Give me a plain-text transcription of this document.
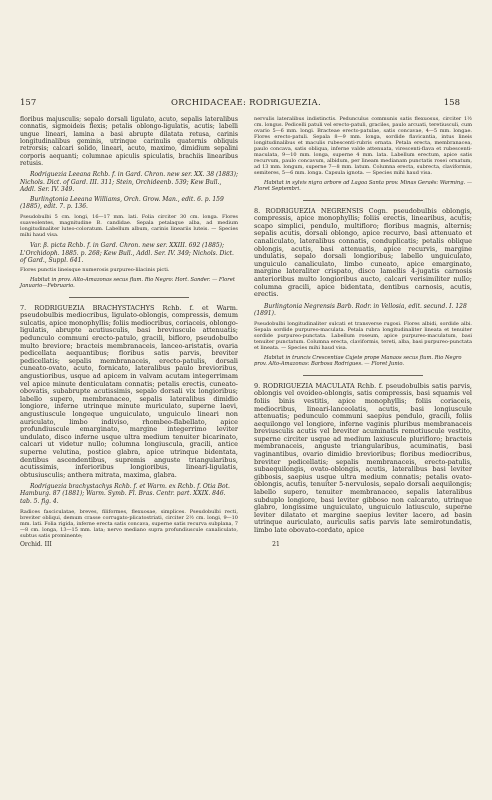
157	ORCHIDACEAE: RODRIGUEZIA.	158

floribus majusculis; sepalo dorsali ligulato, acuto, sepalis lateralibus connatis, sigmoideis flexis; petalis oblongo-ligulatis, acutis; labelli ungue lineari, lamina a basi abrupte dilatata retusa, carinis longitudinalibus geminis, utrinque carinulis quaternis obliquis retrorsis; calcari solido, lineari, acuto, maximo, dimidium sepalini corporis aequanti; columnae apiculis spiculatis, brachiis linearibus retusis.

Rodriguezia Leeana Rchb. f. in Gard. Chron. new ser. XX. 38 (1883); Nichols. Dict. of Gard. III. 311; Stein, Orchideenb. 539; Kew Bull., Addl. Ser. IV. 349.

Burlingtonia Leeana Williams, Orch. Grow. Man., edit. 6. p. 159 (1885), edit. 7. p. 136.

Pseudobulbi 5 cm. longi, 16—17 mm. lati. Folia circiter 30 cm. longa. Flores suaveolentes, magnitudine B. candidae. Sepala petalaque alba, ad medium longitudinaliter luteo-coloratum. Labellum album, carinis lineariis luteis. — Species mihi haud visa.

Var. β. picta Rchb. f. in Gard. Chron. new ser. XXIII. 692 (1885); L'Orchidoph. 1885. p. 268; Kew Bull., Addl. Ser. IV. 349; Nichols. Dict. of Gard., Suppl. 641.

Flores punctis lineisque numerosis purpureo-lilacinis picti.

Habitat in prov. Alto-Amazonas secus flum. Rio Negro: Hort. Sander. — Floret Januario—Februario.

7. RODRIGUEZIA BRACHYSTACHYS Rchb. f. et Warm. pseudobulbis mediocribus, ligulato-oblongis, compressis, demum sulcatis, apice monophyllis; foliis mediocribus, coriaceis, oblongo-ligulatis, abrupte acutiusculis, basi breviuscule attenuatis; pedunculo communi erecto-patulo, gracili, bifloro, pseudobulbo multo breviore; bracteis membranaceis, lanceo-aristatis, ovaria pedicellata aequantibus; floribus satis parvis, breviter pedicellatis; sepalis membranaceis, erecto-patulis, dorsali cuneato-ovato, acuto, fornicato, lateralibus paulo brevioribus, angustioribus, usque ad apicem in valvam acutam integerrimam vel apice minute denticulatam connatis; petalis erectis, cuneato-obovatis, subabrupte acutissimis, sepalo dorsali vix longioribus; labello supero, membranaceo, sepalis lateralibus dimidio longiore, inferne utrinque minute muriculato, superne laevi, angustiuscule longeque unguiculato, unguiculo lineari non auriculato, limbo indiviso, rhombeo-flabellato, apice profundiuscule emarginato, margine integerrimo leviter undulato, disco inferne usque ultra medium tenuiter bicarinato, calcari ut videtur nullo; columna longiuscula, gracili, antice superne velutina, postice glabra, apice utrinque bidentata, dentibus ascendentibus, supremis anguste triangularibus, acutissimis, inferioribus longioribus, lineari-ligulatis, obtusiusculis; anthera mitrata, maxima, glabra.

Rodriguezia brachystachys Rchb. f. et Warm. ex Rchb. f. Otia Bot. Hamburg. 87 (1881); Warm. Symb. Fl. Bras. Centr. part. XXIX. 846. tab. 5. fig. 4.

Radices fasciculatae, breves, filiformes, flexuosae, simplices. Pseudobulbi recti, breviter obliqui, demum crasse corrugato-plicatostriati, circiter 2½ cm. longi, 9—10 mm. lati. Folia rigida, inferne erecta satis concava, superne satis recurva subplana, 7—8 cm. longa, 13—15 mm. lata; nervo mediano supra profundiuscule canaliculato, subtus satis prominente;

nervulis lateralibus indistinctis. Pedunculus communis satis flexuosus, circiter 1½ cm. longus. Pedicelli patuli vel erecto-patuli, graciles, paulo arcuati, teretiusculi, cum ovario 5—6 mm. longi. Bracteae erecto-patulae, satis concavae, 4—5 mm. longae. Flores erecto-patuli. Sepala 8—9 mm. longa, sordide flavicantia, intus lineis longitudinalibus et maculis rubescenti-rubris ornata. Petala erecta, membranacea, paulo concava, satis obliqua, inferne valde attenuata, virescenti-flava et rubescenti-maculata, 9—10 mm. longa, superne 4 mm. lata. Labellum erectum, apice satis recurvum, paulo concavum, albidum, per lineam medianam punctatis rosei ornatum, ad 13 mm. longum, superne 7—8 mm. latum. Columna erecta, subrecta, claviformis, semiteres, 5—6 mm. longa. Capsula ignota. — Species mihi haud visa.

Habitat in sylvis nigra arbore ad Lagoa Santa prov. Minas Geraës: Warming. — Floret Septembri.

8. RODRIGUEZIA NEGRENSIS Cogn. pseudobulbis oblongis, compressis, apice monophyllis; foliis erectis, linearibus, acutis; scapo simplici, penduIo, multifloro; floribus magnis, alternis; sepalis acutis, dorsali oblongo, apice recurvo, basi attenuato et canaliculato, lateralibus connatis, conduplicatis; petalis oblique oblongis, acutis, basi attenuatis, apice recurvis, margine undulatis, sepalo dorsali longioribus; labello unguiculato, unguiculo canaliculato, limbo cuneato, apice emarginato, margine lateraliter crispato, disco lamellis 4-jugatis carnosis anterioribus multo longioribus aucto, calcari verisimiliter nullo; columna gracili, apice bidentata, dentibus carnosis, acutis, erectis.

Burlingtonia Negrensis Barb. Rodr. in Vellosia, edit. secund. I. 128 (1891).

Pseudobulbi longitudinaliter sulcati et transverse rugosi. Flores albidi, sordide albi. Sepala sordide purpureo-maculata. Petala rubra longitudinaliter lineata et tenuiter sordide purpureo-punctata. Labellum roseum, apice purpureo-maculatum, basi tenuiter punctatum. Columna erecta, claviformis, tereti, alba, basi purpureo-punctata et lineata. — Species mihi haud visa.

Habitat in truncis Crescentiae Cujete prope Manaos secus flum. Rio Negro prov. Alto-Amazonas: Barbosa Rodrigues. — Floret Junio.

9. RODRIGUEZIA MACULATA Rchb. f. pseudobulbis satis parvis, oblongis vel ovoideo-oblongis, satis compressis, basi squamis vel foliis binis vestitis, apice monophyllis; foliis coriaceis, mediocribus, lineari-lanceolatis, acutis, basi longiuscule attenuatis; pedunculo communi saepius pendulo, gracili, foliis aequilongo vel longiore, inferne vaginis pluribus membranaceis breviusculis acutis vel breviter acuminatis remotiuscule vestito, superne circiter usque ad medium laxiuscule plurifloro; bracteis membranaceis, anguste triangularibus, acuminatis, basi vaginantibus, ovario dimidio brevioribus; floribus mediocribus, breviter pedicellatis; sepalis membranaceis, erecto-patulis, subaequilongis, ovato-oblongis, acutis, lateralibus basi leviter gibbosis, saepius usque ultra medium connatis; petalis ovato-oblongis, acutis, tenuiter 5-nervulosis, sepalo dorsali aequilongis; labello supero, tenuiter membranaceo, sepalis lateralibus subduplo longiore, basi leviter gibboso non calcarato, utrinque glabro, longissime unguiculato, unguiculo latiusculo, superne leviter dilatato et margine saepius leviter lacero, ad basin utrinque auriculato, auriculis satis parvis late semirotundatis, limbo late obovato-cordato, apice

Orchid. III	21
